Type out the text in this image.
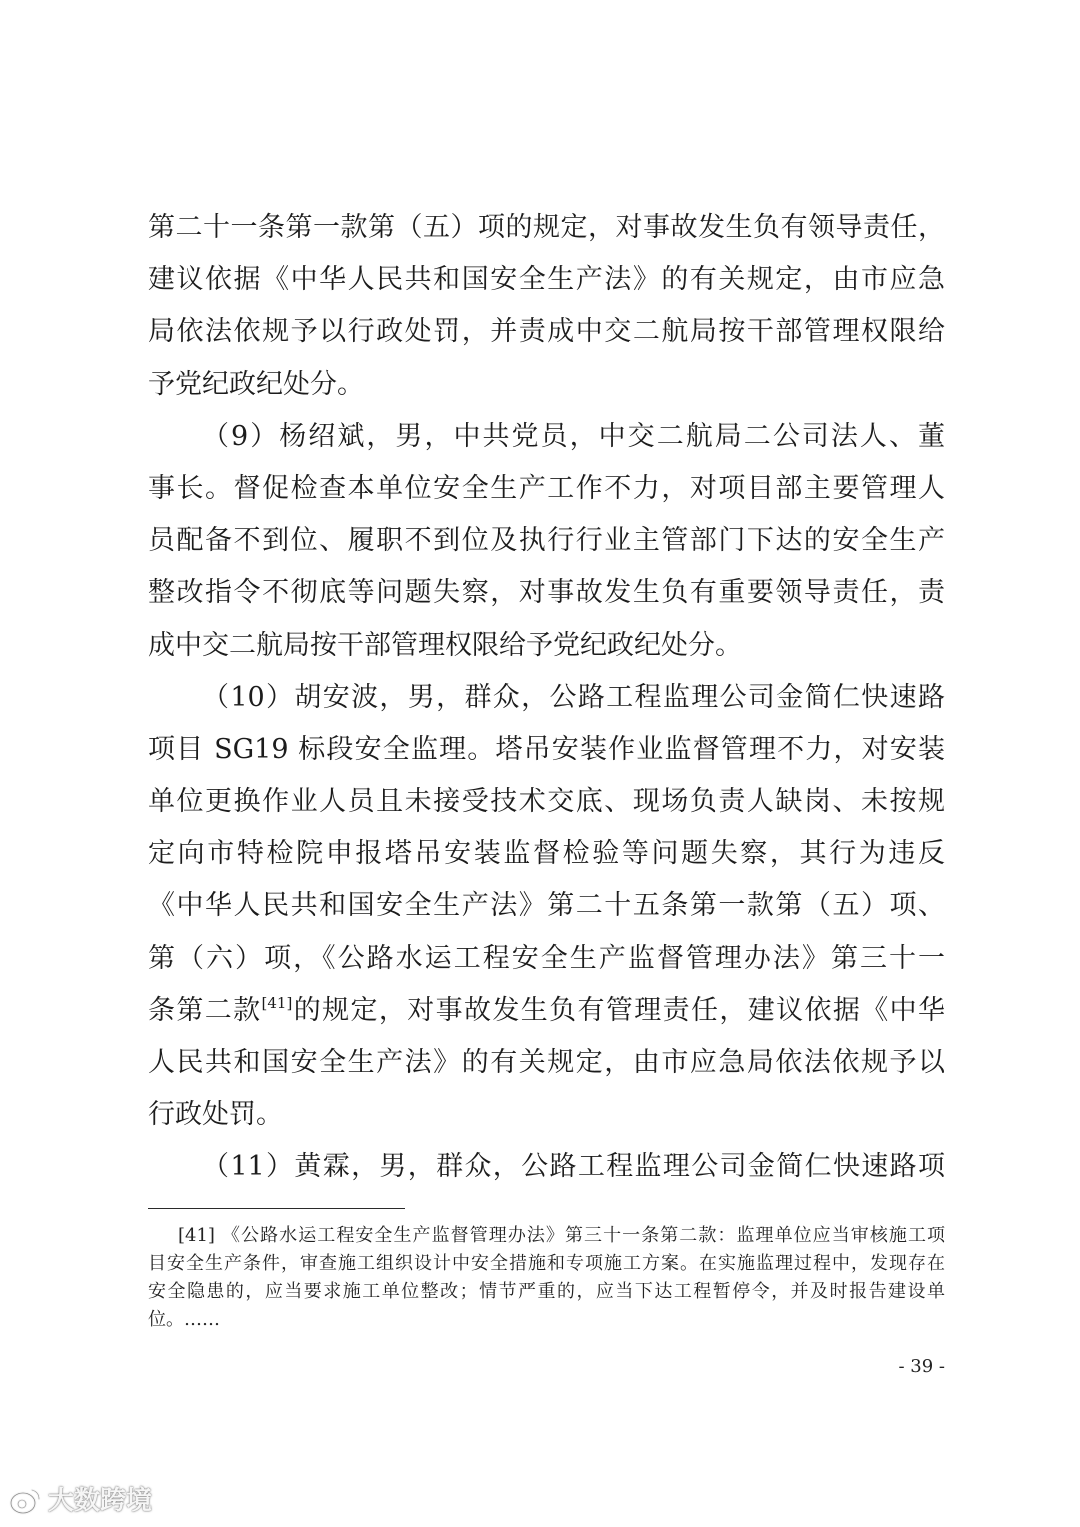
第二十一条第一款第（五）项的规定，对事故发生负有领导责任，
建议依据《中华人民共和国安全生产法》的有关规定，由市应急
局依法依规予以行政处罚，并责成中交二航局按干部管理权限给
予党纪政纪处分。
（9）杨绍斌，男，中共党员，中交二航局二公司法人、董
事长。督促检查本单位安全生产工作不力，对项目部主要管理人
员配备不到位、履职不到位及执行行业主管部门下达的安全生产
整改指令不彻底等问题失察，对事故发生负有重要领导责任，责
成中交二航局按干部管理权限给予党纪政纪处分。
（10）胡安波，男，群众，公路工程监理公司金简仁快速路
项目 SG19 标段安全监理。塔吊安装作业监督管理不力，对安装
单位更换作业人员且未接受技术交底、现场负责人缺岗、未按规
定向市特检院申报塔吊安装监督检验等问题失察，其行为违反
《中华人民共和国安全生产法》第二十五条第一款第（五）项、
第（六）项，《公路水运工程安全生产监督管理办法》第三十一
条第二款[41]的规定，对事故发生负有管理责任，建议依据《中华
人民共和国安全生产法》的有关规定，由市应急局依法依规予以
行政处罚。
（11）黄霖，男，群众，公路工程监理公司金简仁快速路项
[41] 《公路水运工程安全生产监督管理办法》第三十一条第二款：监理单位应当审核施工项
目安全生产条件，审查施工组织设计中安全措施和专项施工方案。在实施监理过程中，发现存在
安全隐患的，应当要求施工单位整改；情节严重的，应当下达工程暂停令，并及时报告建设单
位。……
- 39 -
大数跨境
